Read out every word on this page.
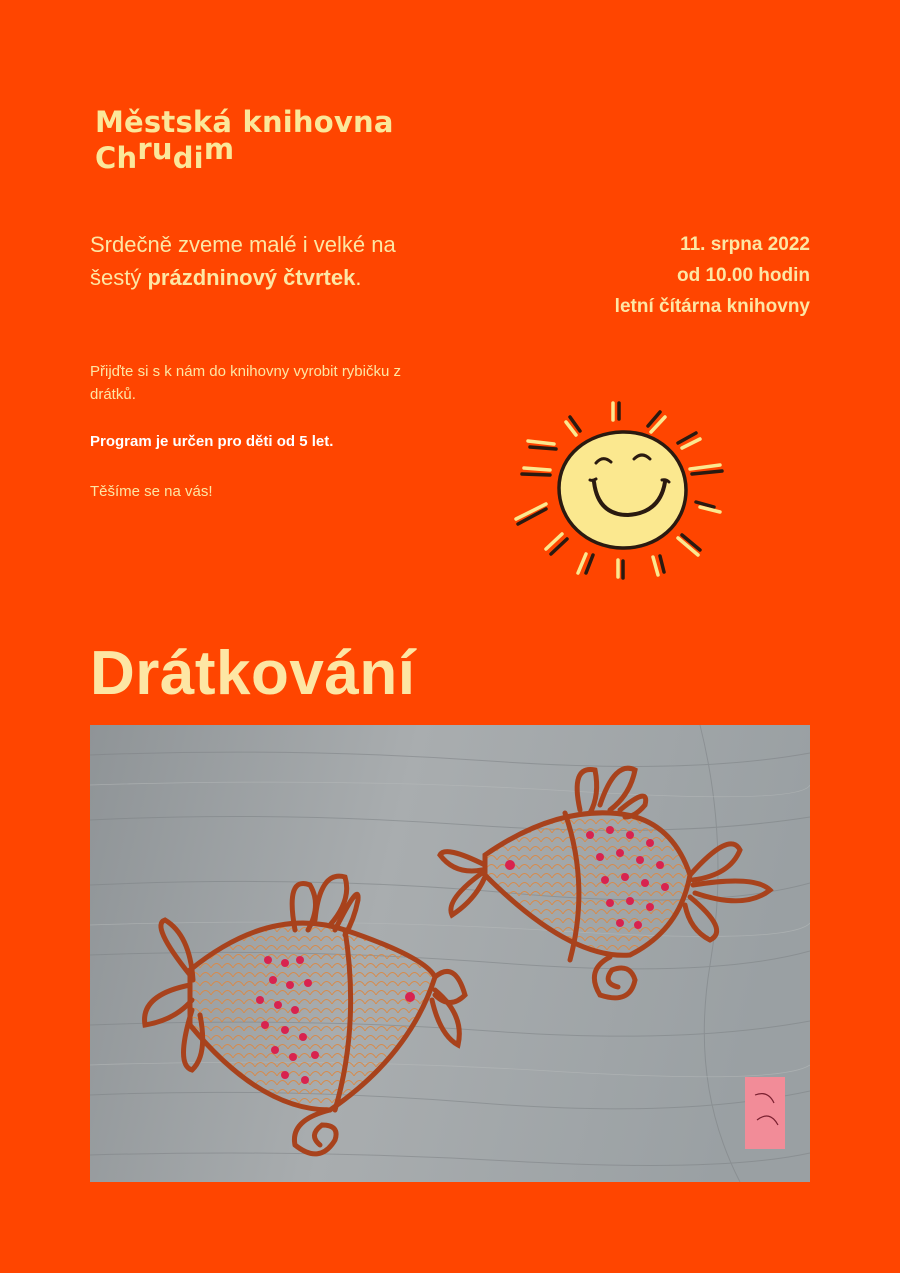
Městská knihovna
Chrudim
Srdečně zveme malé i velké na šestý prázdninový čtvrtek.
11. srpna 2022
od 10.00 hodin
letní čítárna knihovny
Přijďte si s k nám do knihovny vyrobit rybičku z drátků.
Program je určen pro děti od 5 let.
Těšíme se na vás!
Drátkování
